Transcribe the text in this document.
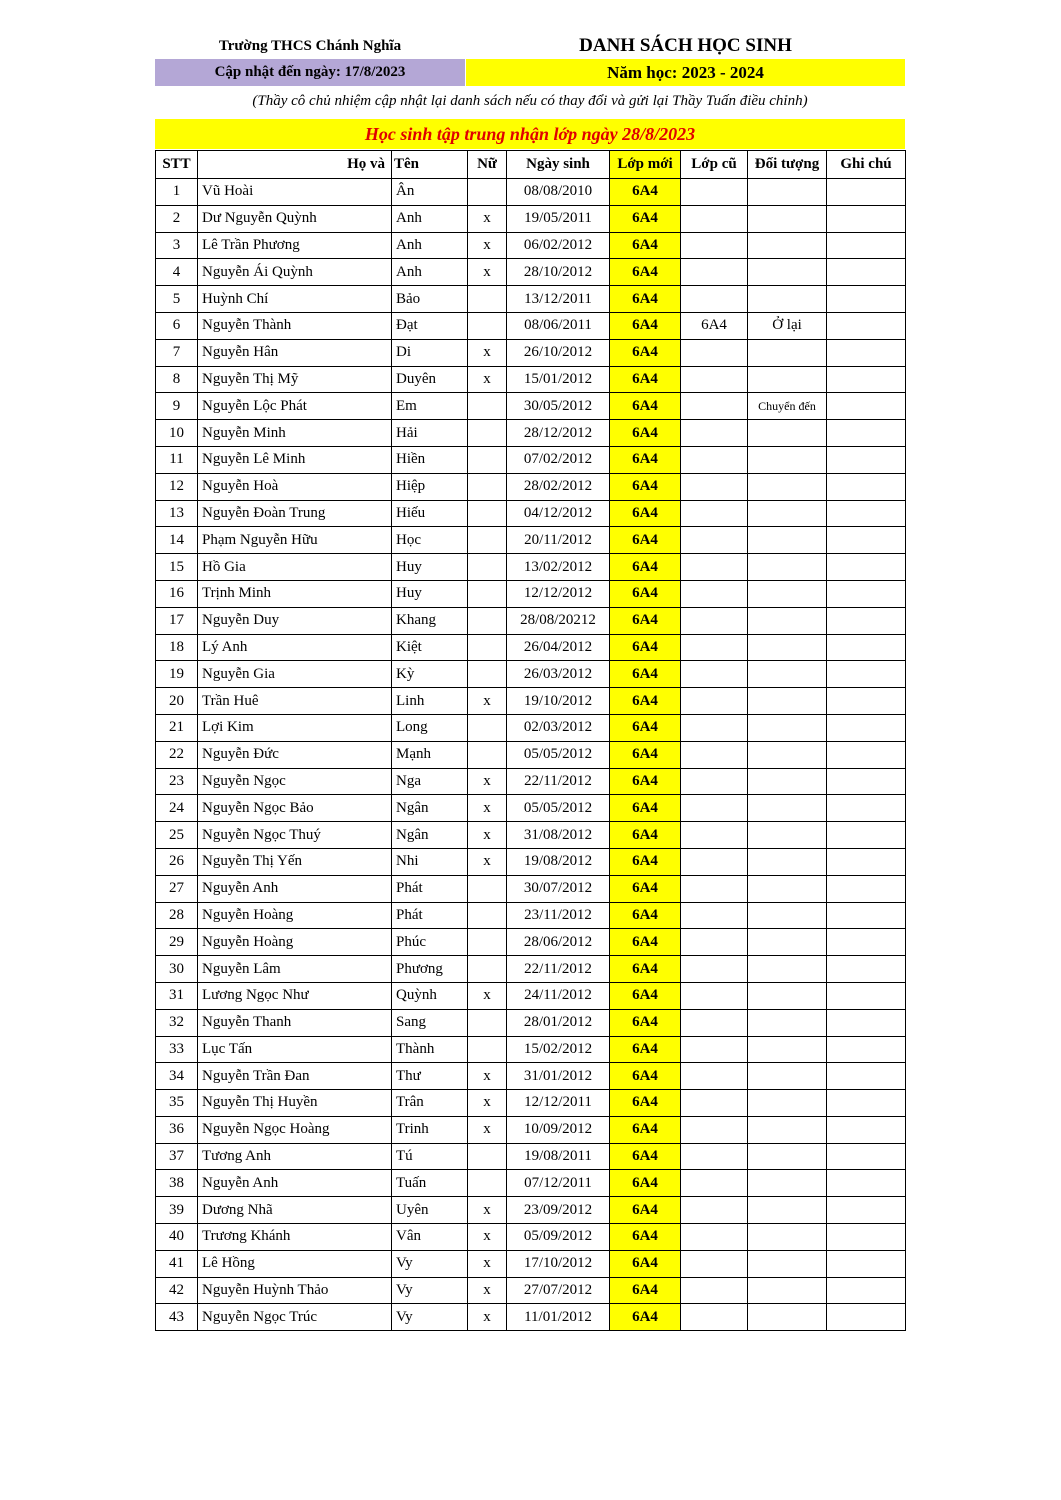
Trường THCS Chánh Nghĩa	DANH SÁCH HỌC SINH
Cập nhật đến ngày: 17/8/2023	Năm học: 2023 - 2024
(Thầy cô chủ nhiệm cập nhật lại danh sách nếu có thay đổi và gửi lại Thầy Tuấn điều chỉnh)
Học sinh tập trung nhận lớp ngày 28/8/2023
STT	Họ và	Tên	Nữ	Ngày sinh	Lớp mới	Lớp cũ	Đối tượng	Ghi chú
1	Vũ Hoài	Ân		08/08/2010	6A4			
2	Dư Nguyễn Quỳnh	Anh	x	19/05/2011	6A4			
3	Lê Trần Phương	Anh	x	06/02/2012	6A4			
4	Nguyễn Ái Quỳnh	Anh	x	28/10/2012	6A4			
5	Huỳnh Chí	Bảo		13/12/2011	6A4			
6	Nguyễn Thành	Đạt		08/06/2011	6A4	6A4	Ở lại	
7	Nguyễn Hân	Di	x	26/10/2012	6A4			
8	Nguyễn Thị Mỹ	Duyên	x	15/01/2012	6A4			
9	Nguyễn Lộc Phát	Em		30/05/2012	6A4		Chuyển đến	
10	Nguyễn Minh	Hải		28/12/2012	6A4			
11	Nguyễn Lê Minh	Hiền		07/02/2012	6A4			
12	Nguyễn Hoà	Hiệp		28/02/2012	6A4			
13	Nguyễn Đoàn Trung	Hiếu		04/12/2012	6A4			
14	Phạm Nguyễn Hữu	Học		20/11/2012	6A4			
15	Hồ Gia	Huy		13/02/2012	6A4			
16	Trịnh Minh	Huy		12/12/2012	6A4			
17	Nguyễn Duy	Khang		28/08/20212	6A4			
18	Lý Anh	Kiệt		26/04/2012	6A4			
19	Nguyễn Gia	Kỳ		26/03/2012	6A4			
20	Trần Huê	Linh	x	19/10/2012	6A4			
21	Lợi Kim	Long		02/03/2012	6A4			
22	Nguyễn Đức	Mạnh		05/05/2012	6A4			
23	Nguyễn Ngọc	Nga	x	22/11/2012	6A4			
24	Nguyễn Ngọc Bảo	Ngân	x	05/05/2012	6A4			
25	Nguyễn Ngọc Thuý	Ngân	x	31/08/2012	6A4			
26	Nguyễn Thị Yến	Nhi	x	19/08/2012	6A4			
27	Nguyễn Anh	Phát		30/07/2012	6A4			
28	Nguyễn Hoàng	Phát		23/11/2012	6A4			
29	Nguyễn Hoàng	Phúc		28/06/2012	6A4			
30	Nguyễn Lâm	Phương		22/11/2012	6A4			
31	Lương Ngọc Như	Quỳnh	x	24/11/2012	6A4			
32	Nguyễn Thanh	Sang		28/01/2012	6A4			
33	Lục Tấn	Thành		15/02/2012	6A4			
34	Nguyễn Trần Đan	Thư	x	31/01/2012	6A4			
35	Nguyễn Thị Huyền	Trân	x	12/12/2011	6A4			
36	Nguyễn Ngọc Hoàng	Trinh	x	10/09/2012	6A4			
37	Tương Anh	Tú		19/08/2011	6A4			
38	Nguyễn Anh	Tuấn		07/12/2011	6A4			
39	Dương Nhã	Uyên	x	23/09/2012	6A4			
40	Trương Khánh	Vân	x	05/09/2012	6A4			
41	Lê Hồng	Vy	x	17/10/2012	6A4			
42	Nguyễn Huỳnh Thảo	Vy	x	27/07/2012	6A4			
43	Nguyễn Ngọc Trúc	Vy	x	11/01/2012	6A4			
